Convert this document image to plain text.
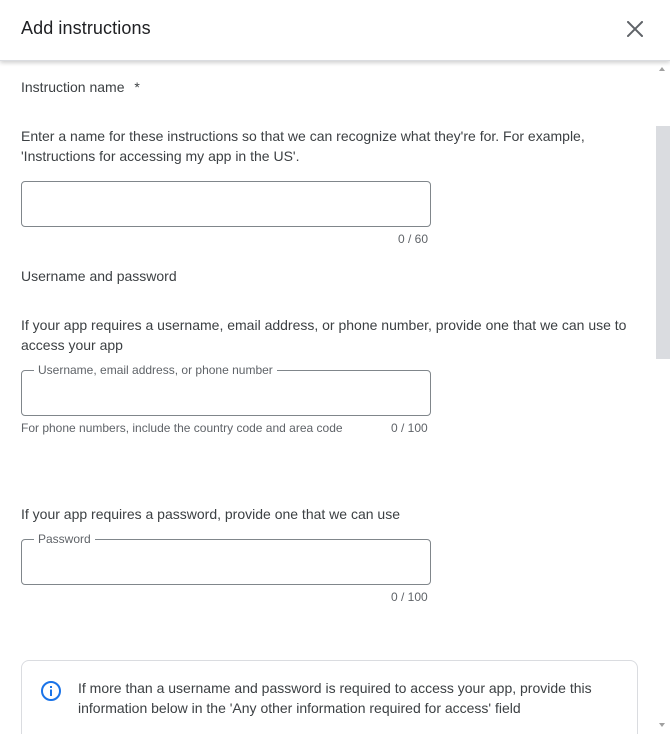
Add instructions
Instruction name *
Enter a name for these instructions so that we can recognize what they're for. For example, 'Instructions for accessing my app in the US'.
0 / 60
Username and password
If your app requires a username, email address, or phone number, provide one that we can use to access your app
Username, email address, or phone number
For phone numbers, include the country code and area code	0 / 100
If your app requires a password, provide one that we can use
Password
0 / 100
If more than a username and password is required to access your app, provide this information below in the 'Any other information required for access' field
